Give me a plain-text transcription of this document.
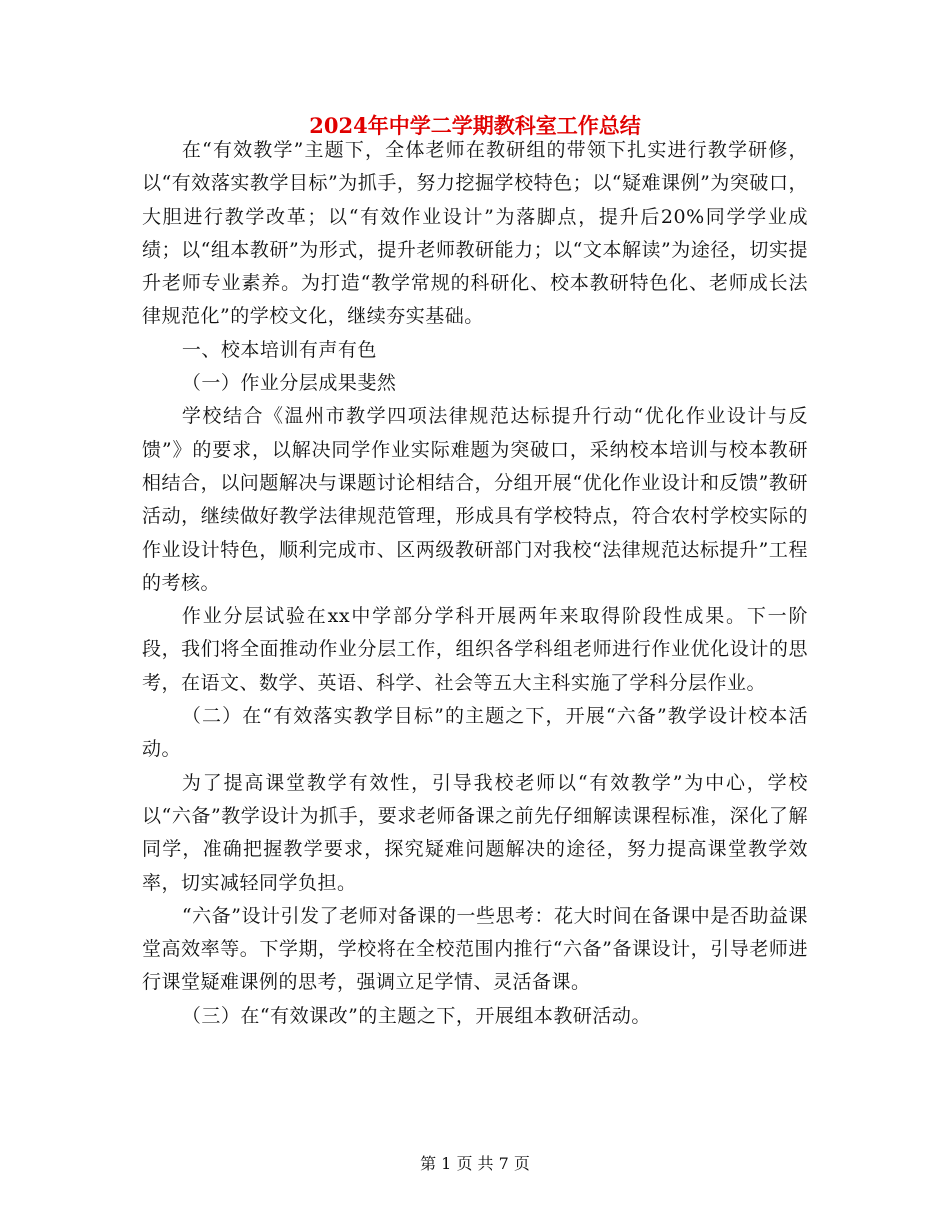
2024年中学二学期教科室工作总结

在“有效教学”主题下，全体老师在教研组的带领下扎实进行教学研修，以“有效落实教学目标”为抓手，努力挖掘学校特色；以“疑难课例”为突破口，大胆进行教学改革；以“有效作业设计”为落脚点，提升后20%同学学业成绩；以“组本教研”为形式，提升老师教研能力；以“文本解读”为途径，切实提升老师专业素养。为打造“教学常规的科研化、校本教研特色化、老师成长法律规范化”的学校文化，继续夯实基础。

一、校本培训有声有色

（一）作业分层成果斐然

学校结合《温州市教学四项法律规范达标提升行动“优化作业设计与反馈”》的要求，以解决同学作业实际难题为突破口，采纳校本培训与校本教研相结合，以问题解决与课题讨论相结合，分组开展“优化作业设计和反馈”教研活动，继续做好教学法律规范管理，形成具有学校特点，符合农村学校实际的作业设计特色，顺利完成市、区两级教研部门对我校“法律规范达标提升”工程的考核。

作业分层试验在xx中学部分学科开展两年来取得阶段性成果。下一阶段，我们将全面推动作业分层工作，组织各学科组老师进行作业优化设计的思考，在语文、数学、英语、科学、社会等五大主科实施了学科分层作业。

（二）在“有效落实教学目标”的主题之下，开展“六备”教学设计校本活动。

为了提高课堂教学有效性，引导我校老师以“有效教学”为中心，学校以“六备”教学设计为抓手，要求老师备课之前先仔细解读课程标准，深化了解同学，准确把握教学要求，探究疑难问题解决的途径，努力提高课堂教学效率，切实减轻同学负担。

“六备”设计引发了老师对备课的一些思考：花大时间在备课中是否助益课堂高效率等。下学期，学校将在全校范围内推行“六备”备课设计，引导老师进行课堂疑难课例的思考，强调立足学情、灵活备课。

（三）在“有效课改”的主题之下，开展组本教研活动。

第 1 页 共 7 页
